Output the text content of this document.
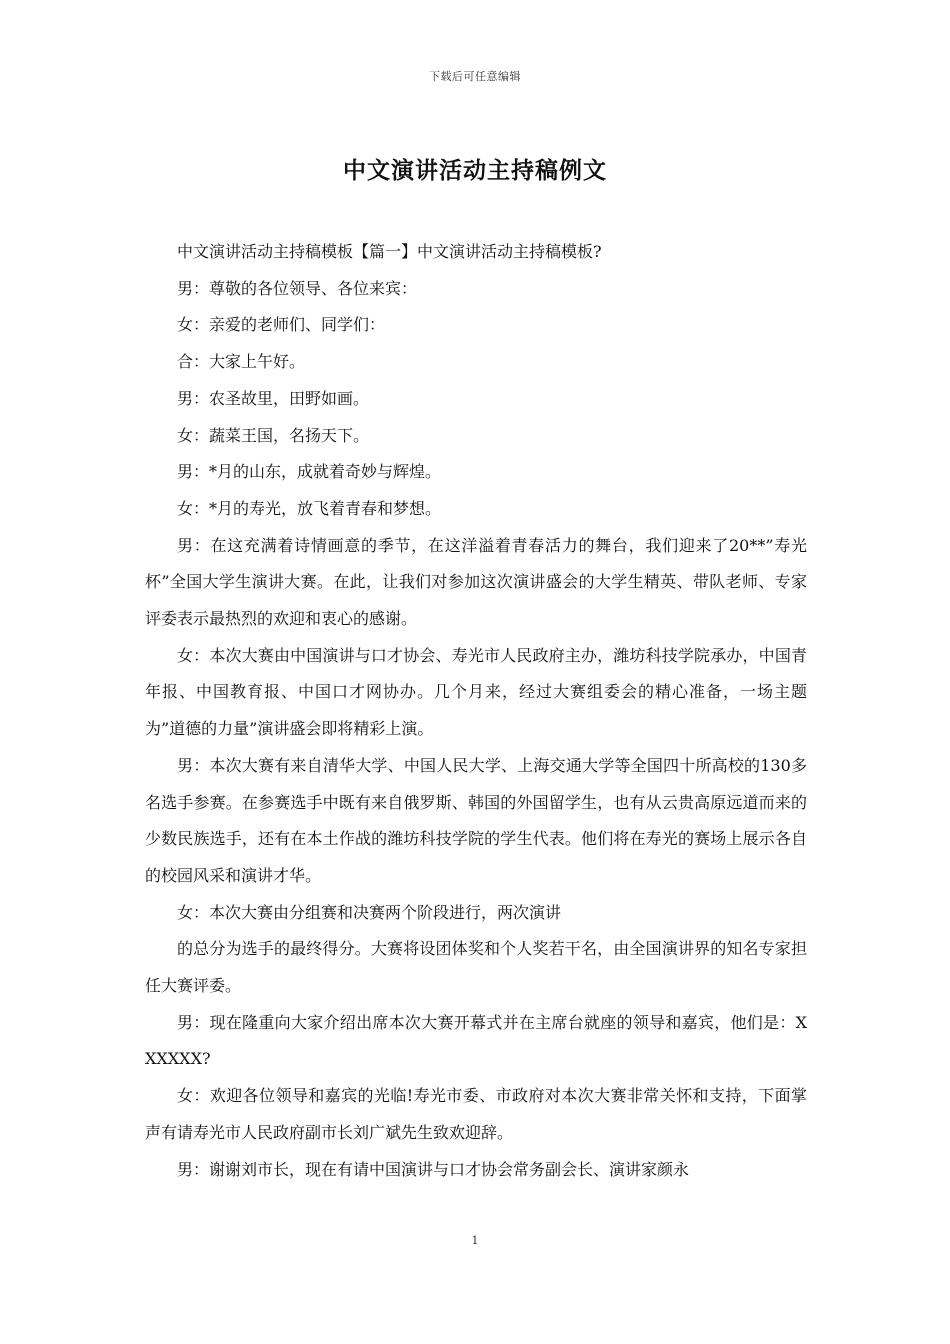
下载后可任意编辑
中文演讲活动主持稿例文

中文演讲活动主持稿模板【篇一】中文演讲活动主持稿模板?

男：尊敬的各位领导、各位来宾：

女：亲爱的老师们、同学们：

合：大家上午好。

男：农圣故里，田野如画。

女：蔬菜王国，名扬天下。

男：*月的山东，成就着奇妙与辉煌。

女：*月的寿光，放飞着青春和梦想。

男：在这充满着诗情画意的季节，在这洋溢着青春活力的舞台，我们迎来了20**”寿光杯”全国大学生演讲大赛。在此，让我们对参加这次演讲盛会的大学生精英、带队老师、专家评委表示最热烈的欢迎和衷心的感谢。

女：本次大赛由中国演讲与口才协会、寿光市人民政府主办，潍坊科技学院承办，中国青年报、中国教育报、中国口才网协办。几个月来，经过大赛组委会的精心准备，一场主题为”道德的力量”演讲盛会即将精彩上演。

男：本次大赛有来自清华大学、中国人民大学、上海交通大学等全国四十所高校的130多名选手参赛。在参赛选手中既有来自俄罗斯、韩国的外国留学生，也有从云贵高原远道而来的少数民族选手，还有在本土作战的潍坊科技学院的学生代表。他们将在寿光的赛场上展示各自的校园风采和演讲才华。

女：本次大赛由分组赛和决赛两个阶段进行，两次演讲

的总分为选手的最终得分。大赛将设团体奖和个人奖若干名，由全国演讲界的知名专家担任大赛评委。

男：现在隆重向大家介绍出席本次大赛开幕式并在主席台就座的领导和嘉宾，他们是：XXXXXX?

女：欢迎各位领导和嘉宾的光临!寿光市委、市政府对本次大赛非常关怀和支持，下面掌声有请寿光市人民政府副市长刘广斌先生致欢迎辞。

男：谢谢刘市长，现在有请中国演讲与口才协会常务副会长、演讲家颜永

1
